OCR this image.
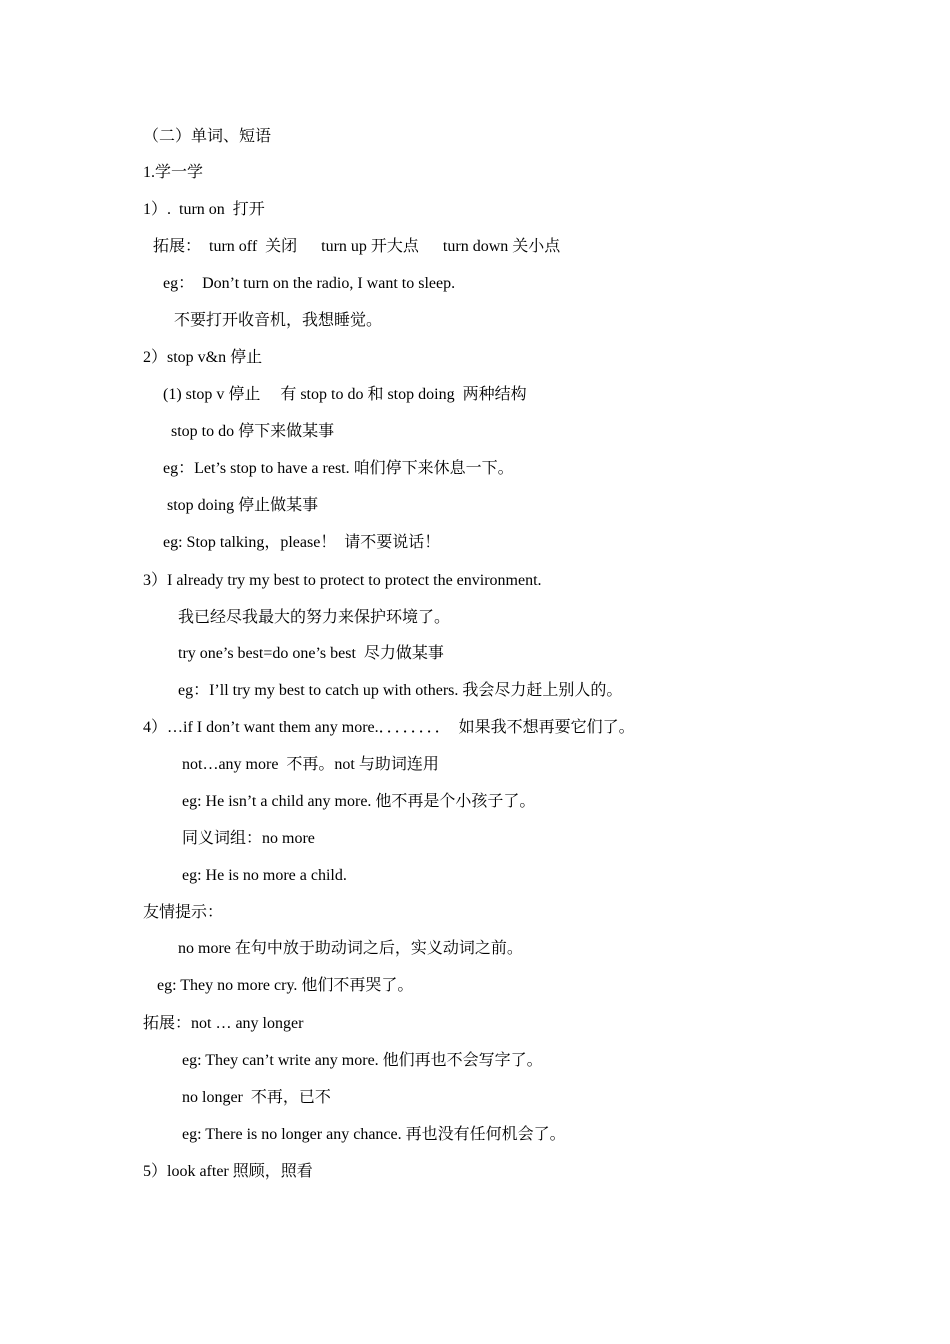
（二）单词、短语
1.学一学
1）.  turn on  打开
拓展：  turn off  关闭      turn up 开大点      turn down 关小点
eg：  Don’t turn on the radio, I want to sleep.
不要打开收音机，我想睡觉。
2）stop v&n 停止
(1) stop v 停止     有 stop to do 和 stop doing  两种结构
stop to do 停下来做某事
eg：Let’s stop to have a rest. 咱们停下来休息一下。
stop doing 停止做某事
eg: Stop talking，please！  请不要说话！
3）I already try my best to protect to protect the environment.
我已经尽我最大的努力来保护环境了。
try one’s best=do one’s best  尽力做某事
eg：I’ll try my best to catch up with others. 我会尽力赶上别人的。
4）…if I don’t want them any more.．．．．．．．．  如果我不想再要它们了。
not…any more  不再。not 与助词连用
eg: He isn’t a child any more. 他不再是个小孩子了。
同义词组：no more
eg: He is no more a child.
友情提示：
no more 在句中放于助动词之后，实义动词之前。
eg: They no more cry. 他们不再哭了。
拓展：not … any longer
eg: They can’t write any more. 他们再也不会写字了。
no longer  不再，已不
eg: There is no longer any chance. 再也没有任何机会了。
5）look after 照顾，照看
